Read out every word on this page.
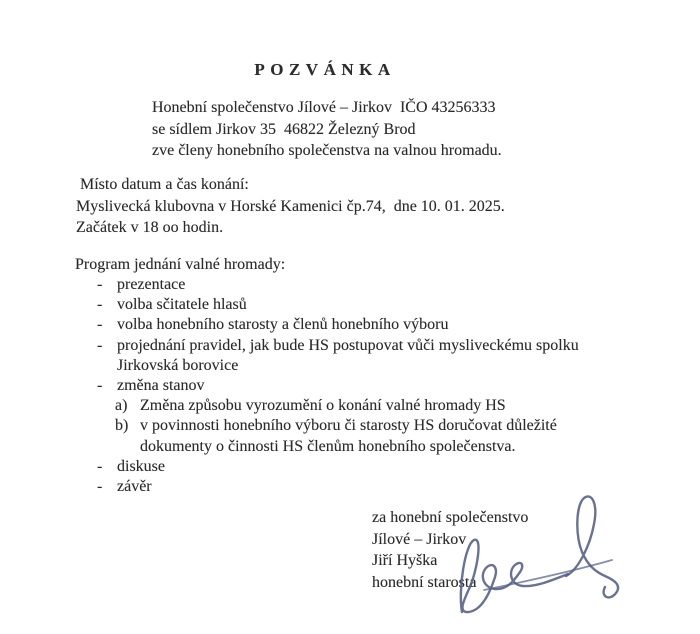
POZVÁNKA
Honební společenstvo Jílové – Jirkov  IČO 43256333
se sídlem Jirkov 35  46822 Železný Brod
zve členy honebního společenstva na valnou hromadu.
Místo datum a čas konání:
Myslivecká klubovna v Horské Kamenici čp.74,  dne 10. 01. 2025.
Začátek v 18 oo hodin.
Program jednání valné hromady:
- prezentace
- volba sčitatele hlasů
- volba honebního starosty a členů honebního výboru
- projednání pravidel, jak bude HS postupovat vůči mysliveckému spolku
Jirkovská borovice
- změna stanov
a) Změna způsobu vyrozumění o konání valné hromady HS
b) v povinnosti honebního výboru či starosty HS doručovat důležité
dokumenty o činnosti HS členům honebního společenstva.
- diskuse
- závěr
za honební společenstvo
Jílové – Jirkov
Jiří Hyška
honební starosta
